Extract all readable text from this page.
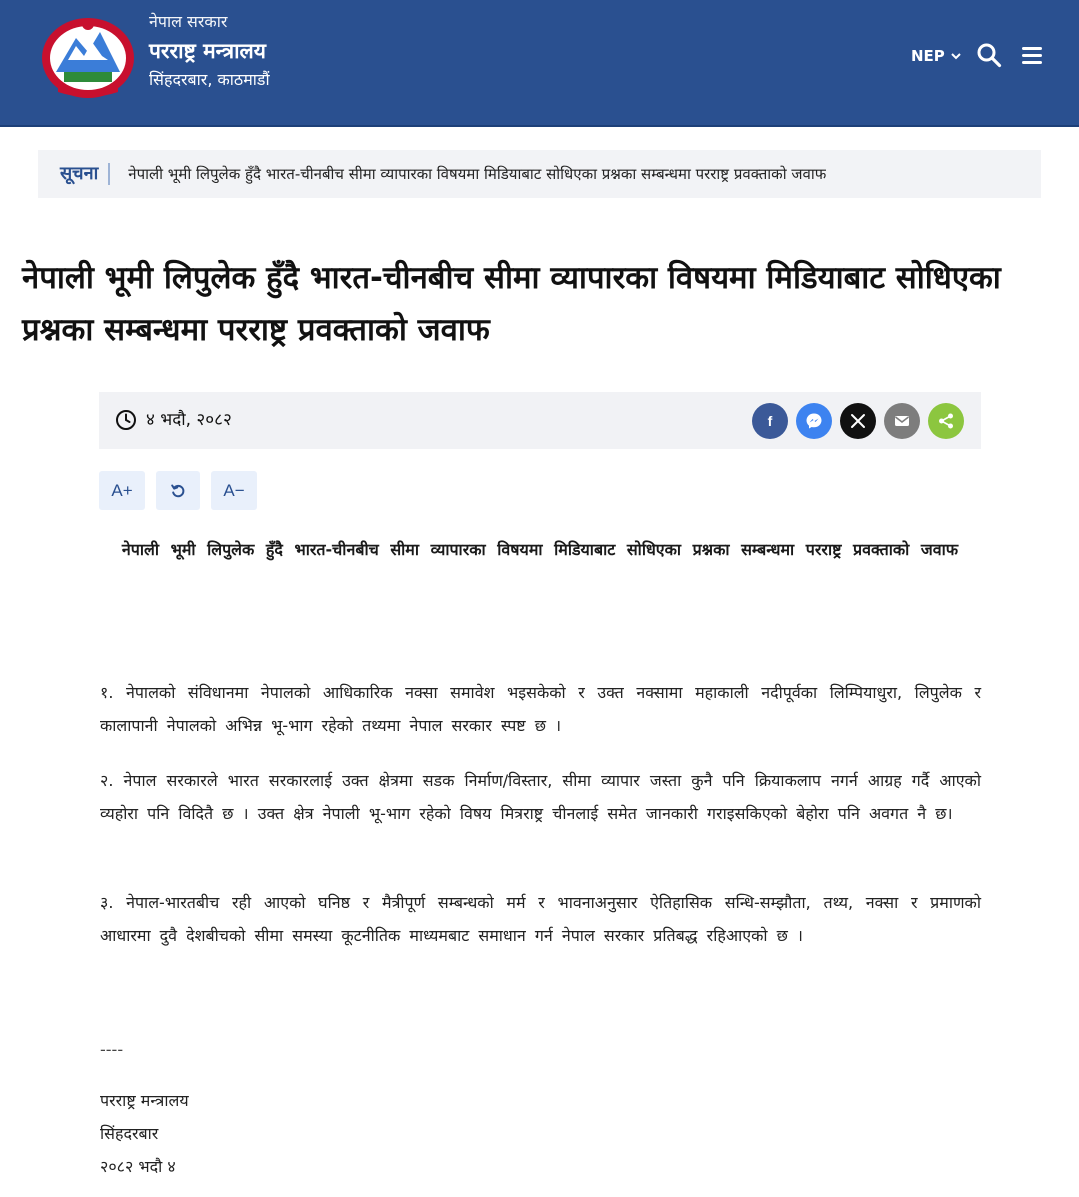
नेपाल सरकार
परराष्ट्र मन्त्रालय
सिंहदरबार, काठमाडौं
NEP
सूचना	नेपाली भूमी लिपुलेक हुँदै भारत-चीनबीच सीमा व्यापारका विषयमा मिडियाबाट सोधिएका प्रश्नका सम्बन्धमा परराष्ट्र प्रवक्ताको जवाफ
नेपाली भूमी लिपुलेक हुँदै भारत-चीनबीच सीमा व्यापारका विषयमा मिडियाबाट सोधिएका प्रश्नका सम्बन्धमा परराष्ट्र प्रवक्ताको जवाफ
४ भदौ, २०८२	f
A+	A−
नेपाली भूमी लिपुलेक हुँदै भारत-चीनबीच सीमा व्यापारका विषयमा मिडियाबाट सोधिएका प्रश्नका सम्बन्धमा परराष्ट्र प्रवक्ताको जवाफ

१. नेपालको संविधानमा नेपालको आधिकारिक नक्सा समावेश भइसकेको र उक्त नक्सामा महाकाली नदीपूर्वका लिम्पियाधुरा, लिपुलेक र कालापानी नेपालको अभिन्न भू-भाग रहेको तथ्यमा नेपाल सरकार स्पष्ट छ ।

२. नेपाल सरकारले भारत सरकारलाई उक्त क्षेत्रमा सडक निर्माण/विस्तार, सीमा व्यापार जस्ता कुनै पनि क्रियाकलाप नगर्न आग्रह गर्दै आएको व्यहोरा पनि विदितै छ । उक्त क्षेत्र नेपाली भू-भाग रहेको विषय मित्रराष्ट्र चीनलाई समेत जानकारी गराइसकिएको बेहोरा पनि अवगत नै छ।

३. नेपाल-भारतबीच रही आएको घनिष्ठ र मैत्रीपूर्ण सम्बन्धको मर्म र भावनाअनुसार ऐतिहासिक सन्धि-सम्झौता, तथ्य, नक्सा र प्रमाणको आधारमा दुवै देशबीचको सीमा समस्या कूटनीतिक माध्यमबाट समाधान गर्न नेपाल सरकार प्रतिबद्ध रहिआएको छ ।

----
परराष्ट्र मन्त्रालय
सिंहदरबार
२०८२ भदौ ४
